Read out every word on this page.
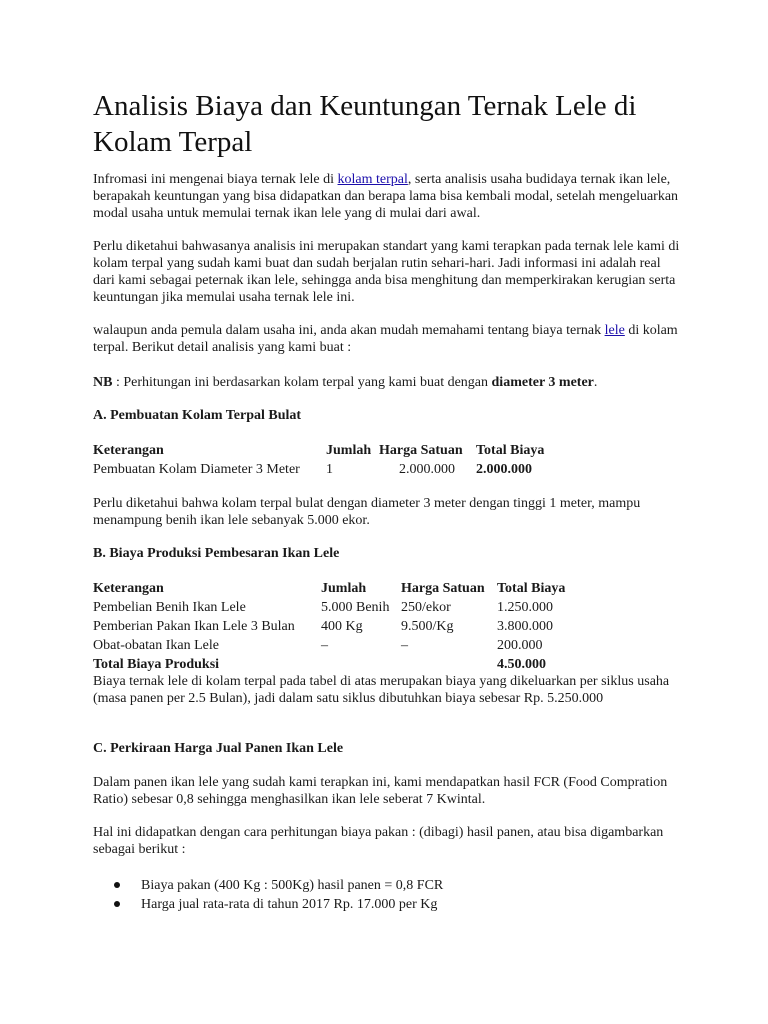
Analisis Biaya dan Keuntungan Ternak Lele di Kolam Terpal

Infromasi ini mengenai biaya ternak lele di kolam terpal, serta analisis usaha budidaya ternak ikan lele, berapakah keuntungan yang bisa didapatkan dan berapa lama bisa kembali modal, setelah mengeluarkan modal usaha untuk memulai ternak ikan lele yang di mulai dari awal.

Perlu diketahui bahwasanya analisis ini merupakan standart yang kami terapkan pada ternak lele kami di kolam terpal yang sudah kami buat dan sudah berjalan rutin sehari-hari. Jadi informasi ini adalah real dari kami sebagai peternak ikan lele, sehingga anda bisa menghitung dan memperkirakan kerugian serta keuntungan jika memulai usaha ternak lele ini.

walaupun anda pemula dalam usaha ini, anda akan mudah memahami tentang biaya ternak lele di kolam terpal. Berikut detail analisis yang kami buat :

NB : Perhitungan ini berdasarkan kolam terpal yang kami buat dengan diameter 3 meter.

A. Pembuatan Kolam Terpal Bulat

Keterangan	Jumlah	Harga Satuan	Total Biaya
Pembuatan Kolam Diameter 3 Meter	1	2.000.000	2.000.000

Perlu diketahui bahwa kolam terpal bulat dengan diameter 3 meter dengan tinggi 1 meter, mampu menampung benih ikan lele sebanyak 5.000 ekor.

B. Biaya Produksi Pembesaran Ikan Lele

Keterangan	Jumlah	Harga Satuan	Total Biaya
Pembelian Benih Ikan Lele	5.000 Benih	250/ekor	1.250.000
Pemberian Pakan Ikan Lele 3 Bulan	400 Kg	9.500/Kg	3.800.000
Obat-obatan Ikan Lele	–	–	200.000
Total Biaya Produksi			4.50.000

Biaya ternak lele di kolam terpal pada tabel di atas merupakan biaya yang dikeluarkan per siklus usaha (masa panen per 2.5 Bulan), jadi dalam satu siklus dibutuhkan biaya sebesar Rp. 5.250.000

C. Perkiraan Harga Jual Panen Ikan Lele

Dalam panen ikan lele yang sudah kami terapkan ini, kami mendapatkan hasil FCR (Food Compration Ratio) sebesar 0,8 sehingga menghasilkan ikan lele seberat 7 Kwintal.

Hal ini didapatkan dengan cara perhitungan biaya pakan : (dibagi) hasil panen, atau bisa digambarkan sebagai berikut :

Biaya pakan (400 Kg : 500Kg) hasil panen = 0,8 FCR
Harga jual rata-rata di tahun 2017 Rp. 17.000 per Kg
